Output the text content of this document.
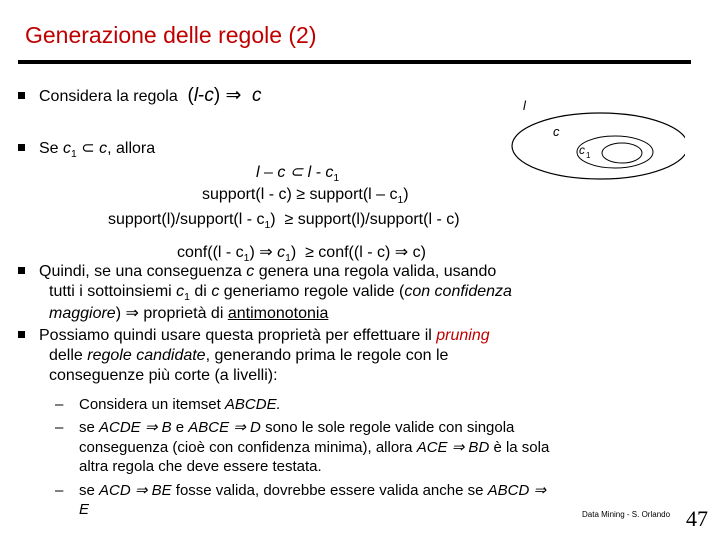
Generazione delle regole (2)
Considera la regola  (l-c) ⇒ c
Se $c_1$ ⊂ c, allora
l
c
c 1
l – c ⊂ l - $c_1$
support(l - c) ≥ support(l – $c_1$)
support(l)/support(l - $c_1$)  ≥ support(l)/support(l - c)
conf((l - $c_1$) ⇒ $c_1$)  ≥ conf((l - c) ⇒ c)
Quindi, se una conseguenza c genera una regola valida, usando
tutti i sottoinsiemi $c_1$ di c generiamo regole valide (con confidenza
maggiore) ⇒ proprietà di antimonotonia
Possiamo quindi usare questa proprietà per effettuare il pruning
delle regole candidate, generando prima le regole con le
conseguenze più corte (a livelli):
– Considera un itemset ABCDE.
– se ACDE ⇒ B e ABCE ⇒ D sono le sole regole valide con singola
conseguenza (cioè con confidenza minima), allora ACE ⇒ BD è la sola
altra regola che deve essere testata.
– se ACD ⇒ BE fosse valida, dovrebbe essere valida anche se ABCD ⇒
E	Data Mining - S. Orlando 47
